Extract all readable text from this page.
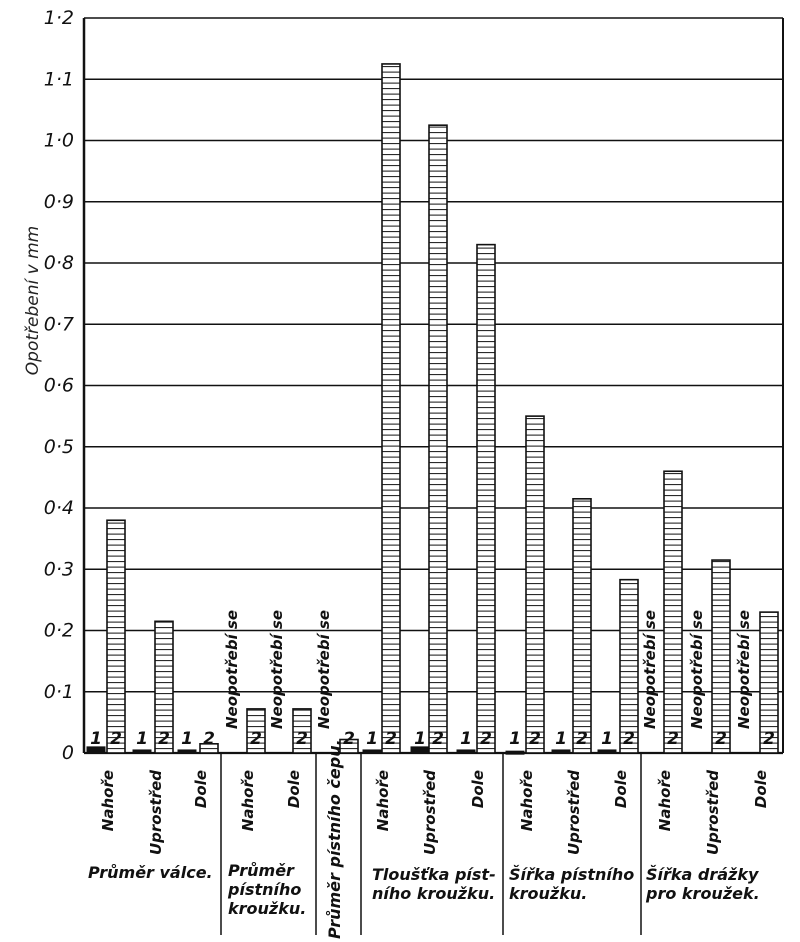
0
0·1
0·2
0·3
0·4
0·5
0·6
0·7
0·8
0·9
1·0
1·1
1·2
Opotřebení v mm
1 2
Nahoře
1 2
Uprostřed
1 2
Dole
Neopotřebí se
2
Nahoře
Neopotřebí se
2
Dole
Neopotřebí se
2 1 2
Nahoře
1 2
Uprostřed
1 2
Dole
1 2
Nahoře
1 2
Uprostřed
1 2
Dole
Neopotřebí se
2
Nahoře
Neopotřebí se
2
Uprostřed
Neopotřebí se
2
Dole
Průměr válce. Průměr
pístního
kroužku. Průměr pístního čepu. Tloušťka píst-
ního kroužku.
Šířka pístního
kroužku.
Šířka drážky
pro kroužek.
